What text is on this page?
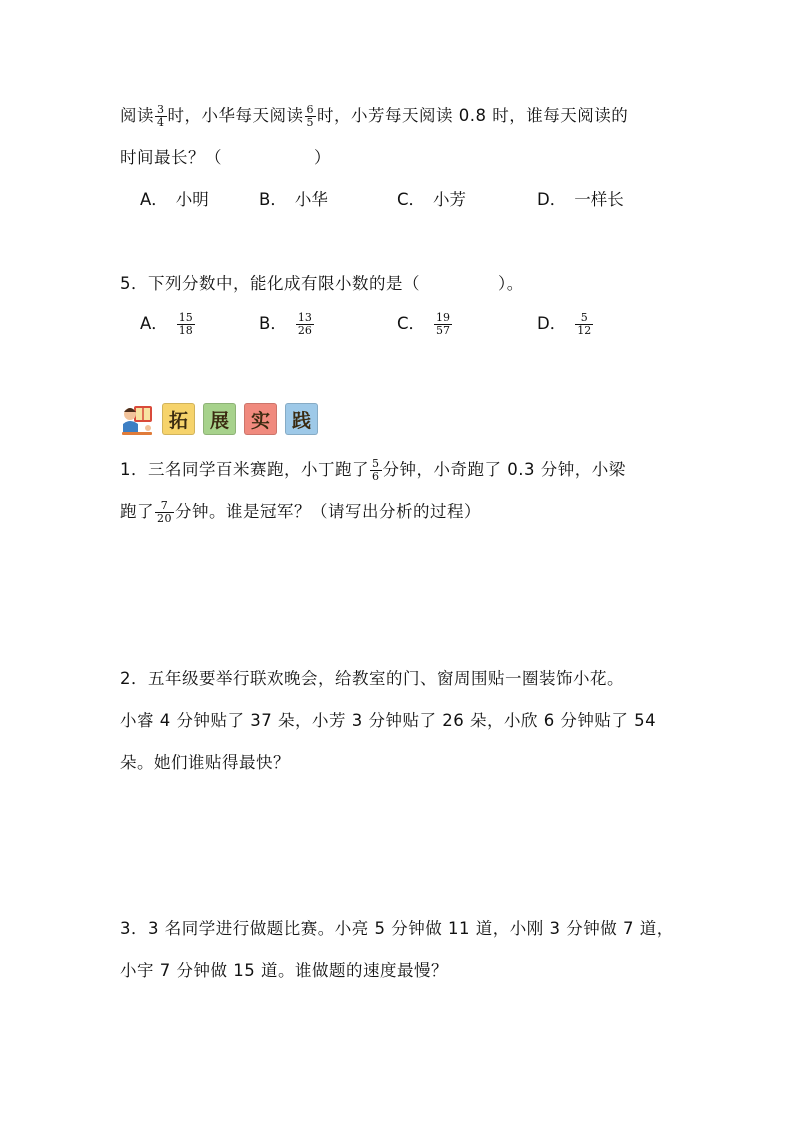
阅读 $\frac{3}{4}$ 时，小华每天阅读 $\frac{6}{5}$ 时，小芳每天阅读 0.8 时，谁每天阅读的
时间最长？（	）
A． 小明	B． 小华	C． 小芳	D． 一样长
5．下列分数中，能化成有限小数的是（	）。
A． $\frac{15}{18}$	B． $\frac{13}{26}$	C． $\frac{19}{57}$	D． $\frac{5}{12}$
拓	展	实	践
1．三名同学百米赛跑，小丁跑了 $\frac{5}{6}$ 分钟，小奇跑了 0.3 分钟，小梁
跑了 $\frac{7}{20}$ 分钟。谁是冠军？（请写出分析的过程）
2．五年级要举行联欢晚会，给教室的门、窗周围贴一圈装饰小花。
小睿 4 分钟贴了 37 朵，小芳 3 分钟贴了 26 朵，小欣 6 分钟贴了 54
朵。她们谁贴得最快？
3．3 名同学进行做题比赛。小亮 5 分钟做 11 道，小刚 3 分钟做 7 道，
小宇 7 分钟做 15 道。谁做题的速度最慢？
